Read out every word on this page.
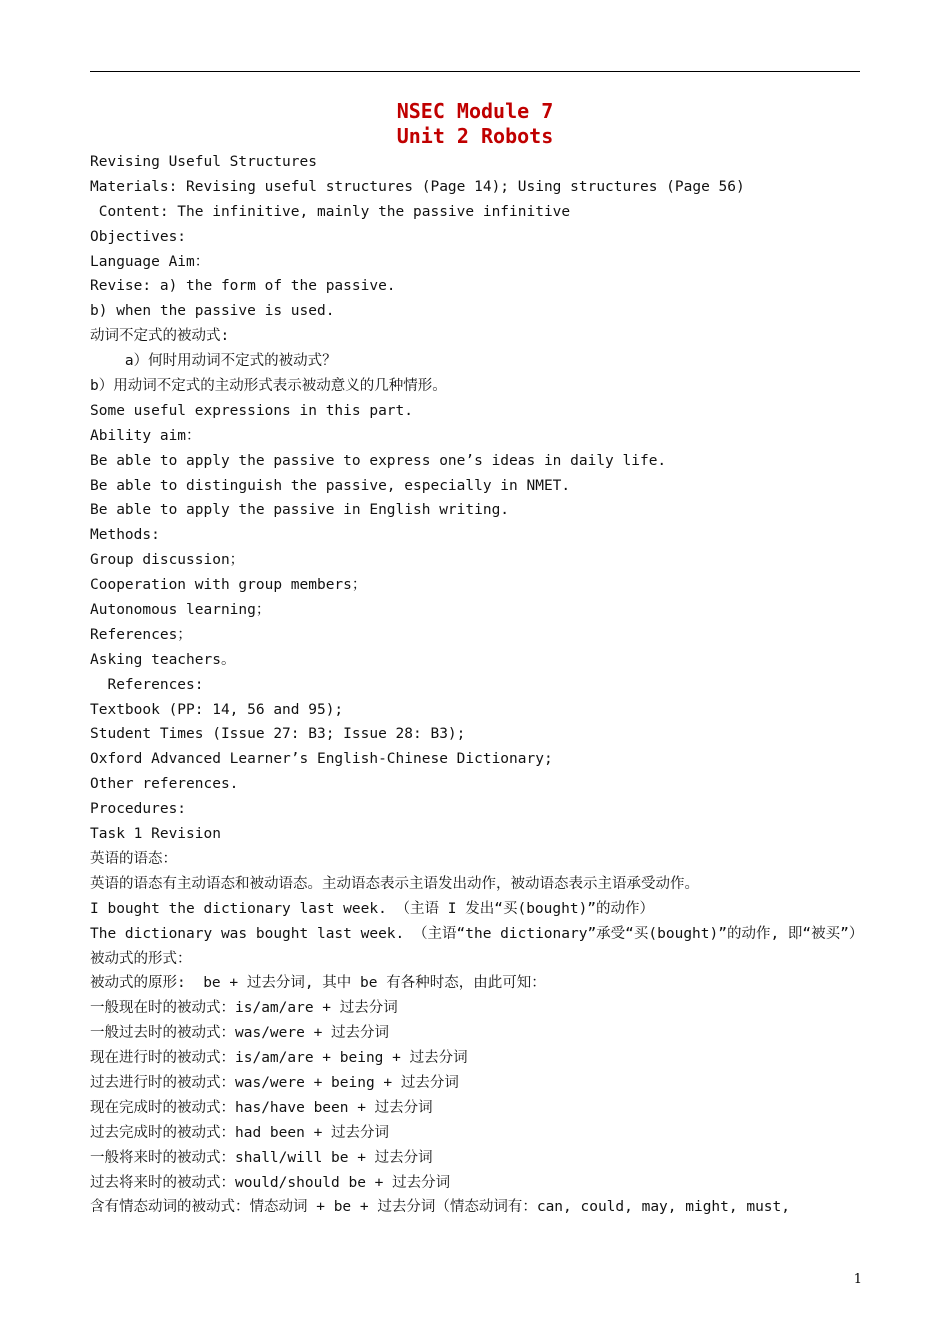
NSEC Module 7
Unit 2 Robots
Revising Useful Structures
Materials: Revising useful structures (Page 14); Using structures (Page 56)
Content: The infinitive, mainly the passive infinitive
Objectives:
Language Aim：
Revise: a) the form of the passive.
b) when the passive is used.
动词不定式的被动式:
a）何时用动词不定式的被动式？
b）用动词不定式的主动形式表示被动意义的几种情形。
Some useful expressions in this part.
Ability aim：
Be able to apply the passive to express one’s ideas in daily life.
Be able to distinguish the passive, especially in NMET.
Be able to apply the passive in English writing.
Methods:
Group discussion；
Cooperation with group members；
Autonomous learning；
References；
Asking teachers。
References:
Textbook (PP: 14, 56 and 95);
Student Times (Issue 27: B3; Issue 28: B3);
Oxford Advanced Learner’s English-Chinese Dictionary;
Other references.
Procedures:
Task 1 Revision
英语的语态：
英语的语态有主动语态和被动语态。主动语态表示主语发出动作，被动语态表示主语承受动作。
I bought the dictionary last week. （主语 I 发出“买(bought)”的动作）
The dictionary was bought last week. （主语“the dictionary”承受“买(bought)”的动作, 即“被买”）
被动式的形式：
被动式的原形:  be + 过去分词, 其中 be 有各种时态，由此可知：
一般现在时的被动式：is/am/are + 过去分词
一般过去时的被动式：was/were + 过去分词
现在进行时的被动式：is/am/are + being + 过去分词
过去进行时的被动式：was/were + being + 过去分词
现在完成时的被动式：has/have been + 过去分词
过去完成时的被动式：had been + 过去分词
一般将来时的被动式：shall/will be + 过去分词
过去将来时的被动式：would/should be + 过去分词
含有情态动词的被动式：情态动词 + be + 过去分词（情态动词有：can, could, may, might, must,
1
